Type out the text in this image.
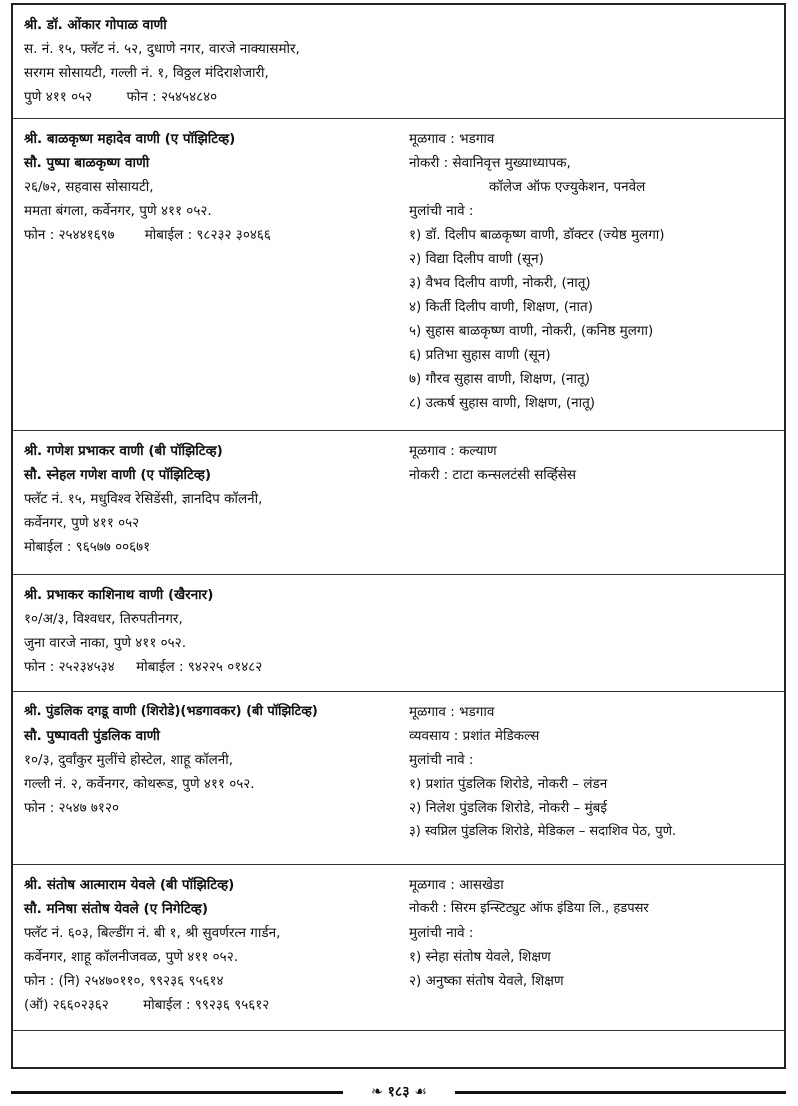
श्री. डॉ. ओंकार गोपाळ वाणी
स. नं. १५, फ्लॅट नं. ५२, दुधाणे नगर, वारजे नाक्यासमोर,
सरगम सोसायटी, गल्ली नं. १, विठ्ठल मंदिराशेजारी,
पुणे ४११ ०५२        फोन : २५४५४८४०
श्री. बाळकृष्ण महादेव वाणी (ए पॉझिटिव्ह)
सौ. पुष्पा बाळकृष्ण वाणी
२६/७२, सहवास सोसायटी,
ममता बंगला, कर्वेनगर, पुणे ४११ ०५२.
फोन : २५४४१६९७       मोबाईल : ९८२३२ ३०४६६
मूळगाव : भडगाव
नोकरी : सेवानिवृत्त मुख्याध्यापक,
कॉलेज ऑफ एज्युकेशन, पनवेल
मुलांची नावे :
१) डॉ. दिलीप बाळकृष्ण वाणी, डॉक्टर (ज्येष्ठ मुलगा)
२) विद्या दिलीप वाणी (सून)
३) वैभव दिलीप वाणी, नोकरी, (नातू)
४) किर्ती दिलीप वाणी, शिक्षण, (नात)
५) सुहास बाळकृष्ण वाणी, नोकरी, (कनिष्ठ मुलगा)
६) प्रतिभा सुहास वाणी (सून)
७) गौरव सुहास वाणी, शिक्षण, (नातू)
८) उत्कर्ष सुहास वाणी, शिक्षण, (नातू)
श्री. गणेश प्रभाकर वाणी (बी पॉझिटिव्ह)
सौ. स्नेहल गणेश वाणी (ए पॉझिटिव्ह)
फ्लॅट नं. १५, मधुविश्व रेसिडेंसी, ज्ञानदिप कॉलनी,
कर्वेनगर, पुणे ४११ ०५२
मोबाईल : ९६५७७ ००६७१
मूळगाव : कल्याण
नोकरी : टाटा कन्सलटंसी सर्व्हिसेस
श्री. प्रभाकर काशिनाथ वाणी (खैरनार)
१०/अ/३, विश्वधर, तिरुपतीनगर,
जुना वारजे नाका, पुणे ४११ ०५२.
फोन : २५२३४५३४     मोबाईल : ९४२२५ ०१४८२
श्री. पुंडलिक दगडू वाणी (शिरोडे)(भडगावकर) (बी पॉझिटिव्ह)
सौ. पुष्पावती पुंडलिक वाणी
१०/३, दुर्वांकुर मुलींचे होस्टेल, शाहू कॉलनी,
गल्ली नं. २, कर्वेनगर, कोथरूड, पुणे ४११ ०५२.
फोन : २५४७ ७१२०
मूळगाव : भडगाव
व्यवसाय : प्रशांत मेडिकल्स
मुलांची नावे :
१) प्रशांत पुंडलिक शिरोडे, नोकरी – लंडन
२) निलेश पुंडलिक शिरोडे, नोकरी – मुंबई
३) स्वप्निल पुंडलिक शिरोडे, मेडिकल – सदाशिव पेठ, पुणे.
श्री. संतोष आत्माराम येवले (बी पॉझिटिव्ह)
सौ. मनिषा संतोष येवले (ए निगेटिव्ह)
फ्लॅट नं. ६०३, बिल्डींग नं. बी १, श्री सुवर्णरत्न गार्डन,
कर्वेनगर, शाहू कॉलनीजवळ, पुणे ४११ ०५२.
फोन : (नि) २५४७०११०, ९९२३६ ९५६१४
(ऑ) २६६०२३६२        मोबाईल : ९९२३६ ९५६१२
मूळगाव : आसखेडा
नोकरी : सिरम इन्स्टिट्युट ऑफ इंडिया लि., हडपसर
मुलांची नावे :
१) स्नेहा संतोष येवले, शिक्षण
२) अनुष्का संतोष येवले, शिक्षण
❧ १८३ ☙
